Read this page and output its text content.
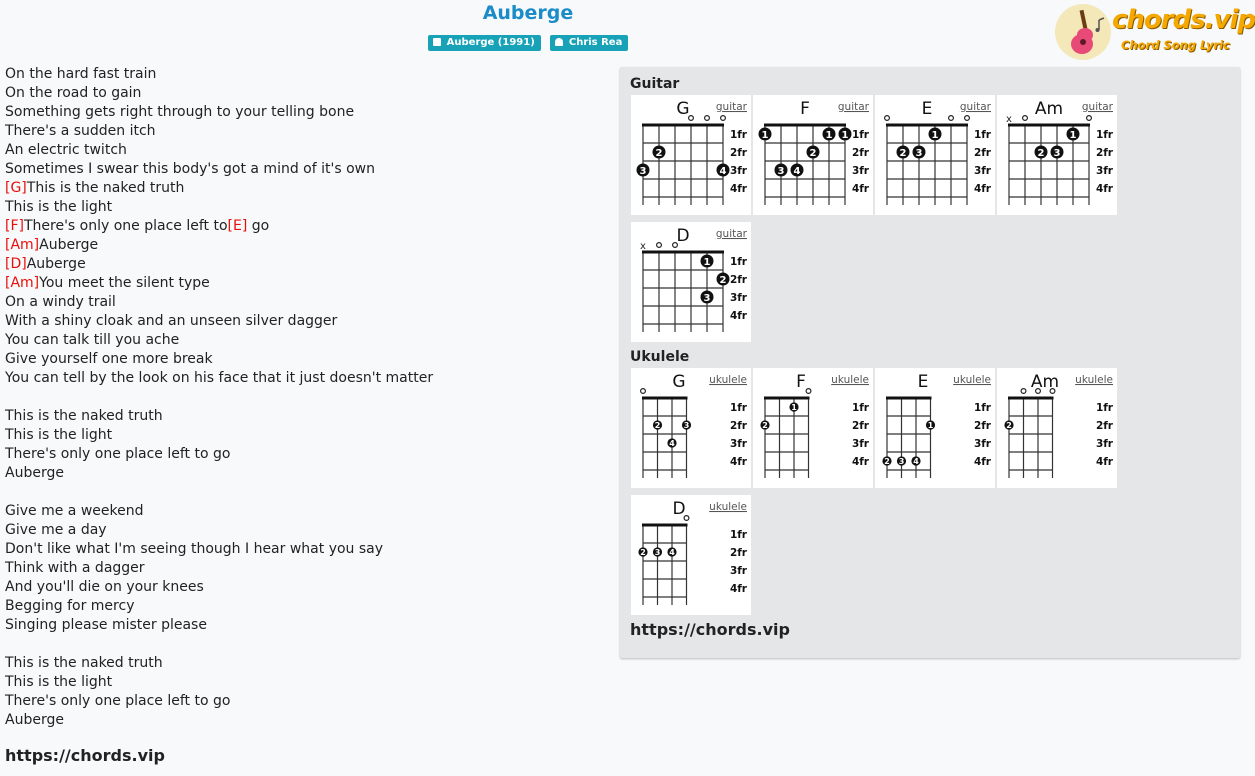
Auberge
Auberge (1991)	Chris Rea
chords.vip
Chord Song Lyric
On the hard fast train
On the road to gain
Something gets right through to your telling bone
There's a sudden itch
An electric twitch
Sometimes I swear this body's got a mind of it's own
[G]This is the naked truth
This is the light
[F]There's only one place left to[E] go
[Am]Auberge
[D]Auberge
[Am]You meet the silent type
On a windy trail
With a shiny cloak and an unseen silver dagger
You can talk till you ache
Give yourself one more break
You can tell by the look on his face that it just doesn't matter
This is the naked truth
This is the light
There's only one place left to go
Auberge
Give me a weekend
Give me a day
Don't like what I'm seeing though I hear what you say
Think with a dagger
And you'll die on your knees
Begging for mercy
Singing please mister please
This is the naked truth
This is the light
There's only one place left to go
Auberge
https://chords.vip
Guitar
Ukulele
https://chords.vip
G	guitar
1fr
2fr
3fr
4fr
2
3	4
F	guitar
1fr
2fr
3fr
4fr
1	1 1
2
3 4
E	guitar
1fr
2fr
3fr
4fr
1
2 3
Am guitar
1fr
2fr
3fr
4fr
x
1
2 3
D	guitar
1fr
2fr
3fr
4fr
x
1
2
3
G ukulele
1fr
2fr
3fr
4fr
2	3
4
F ukulele
1fr
2fr
3fr
4fr
1
2
E ukulele
1fr
2fr
3fr
4fr
1
2 3 4
Am ukulele
1fr
2fr
3fr
4fr
2
D ukulele
1fr
2fr
3fr
4fr
2 3 4
